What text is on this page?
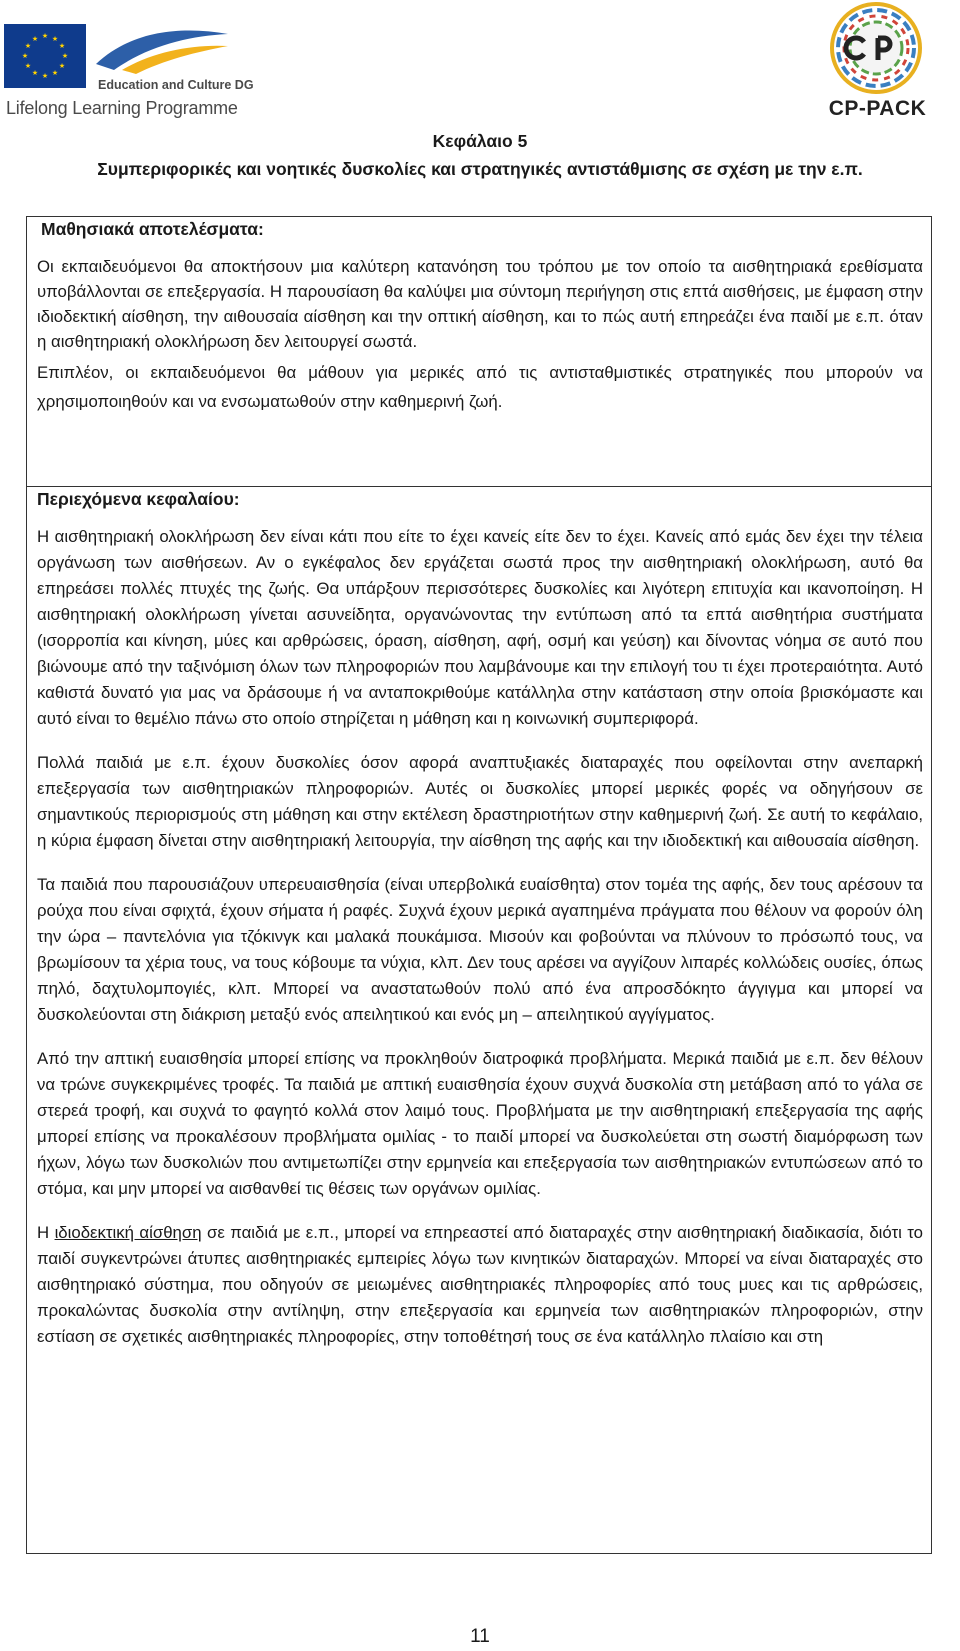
★ ★
★
★
★
★
★
★
★
★
★
★
Education and Culture DG
Lifelong Learning Programme	CP-PACK
Κεφάλαιο 5
Συμπεριφορικές και νοητικές δυσκολίες και στρατηγικές αντιστάθμισης σε σχέση με την ε.π.
Μαθησιακά αποτελέσματα:

Οι εκπαιδευόμενοι θα αποκτήσουν μια καλύτερη κατανόηση του τρόπου με τον οποίο τα αισθητηριακά ερεθίσματα υποβάλλονται σε επεξεργασία. Η παρουσίαση θα καλύψει μια σύντομη περιήγηση στις επτά αισθήσεις, με έμφαση στην ιδιοδεκτική αίσθηση, την αιθουσαία αίσθηση και την οπτική αίσθηση, και το πώς αυτή επηρεάζει ένα παιδί με ε.π. όταν η αισθητηριακή ολοκλήρωση δεν λειτουργεί σωστά.

Επιπλέον, οι εκπαιδευόμενοι θα μάθουν για μερικές από τις αντισταθμιστικές στρατηγικές που μπορούν να χρησιμοποιηθούν και να ενσωματωθούν στην καθημερινή ζωή.

Περιεχόμενα κεφαλαίου:

Η αισθητηριακή ολοκλήρωση δεν είναι κάτι που είτε το έχει κανείς είτε δεν το έχει. Κανείς από εμάς δεν έχει την τέλεια οργάνωση των αισθήσεων. Αν ο εγκέφαλος δεν εργάζεται σωστά προς την αισθητηριακή ολοκλήρωση, αυτό θα επηρεάσει πολλές πτυχές της ζωής. Θα υπάρξουν περισσότερες δυσκολίες και λιγότερη επιτυχία και ικανοποίηση. Η αισθητηριακή ολοκλήρωση γίνεται ασυνείδητα, οργανώνοντας την εντύπωση από τα επτά αισθητήρια συστήματα (ισορροπία και κίνηση, μύες και αρθρώσεις, όραση, αίσθηση, αφή, οσμή και γεύση) και δίνοντας νόημα σε αυτό που βιώνουμε από την ταξινόμιση όλων των πληροφοριών που λαμβάνουμε και την επιλογή του τι έχει προτεραιότητα. Αυτό καθιστά δυνατό για μας να δράσουμε ή να ανταποκριθούμε κατάλληλα στην κατάσταση στην οποία βρισκόμαστε και αυτό είναι το θεμέλιο πάνω στο οποίο στηρίζεται η μάθηση και η κοινωνική συμπεριφορά.

Πολλά παιδιά με ε.π. έχουν δυσκολίες όσον αφορά αναπτυξιακές διαταραχές που οφείλονται στην ανεπαρκή επεξεργασία των αισθητηριακών πληροφοριών. Αυτές οι δυσκολίες μπορεί μερικές φορές να οδηγήσουν σε σημαντικούς περιορισμούς στη μάθηση και στην εκτέλεση δραστηριοτήτων στην καθημερινή ζωή. Σε αυτή το κεφάλαιο, η κύρια έμφαση δίνεται στην αισθητηριακή λειτουργία, την αίσθηση της αφής και την ιδιοδεκτική και αιθουσαία αίσθηση.

Τα παιδιά που παρουσιάζουν υπερευαισθησία (είναι υπερβολικά ευαίσθητα) στον τομέα της αφής, δεν τους αρέσουν τα ρούχα που είναι σφιχτά, έχουν σήματα ή ραφές. Συχνά έχουν μερικά αγαπημένα πράγματα που θέλουν να φορούν όλη την ώρα – παντελόνια για τζόκινγκ και μαλακά πουκάμισα. Μισούν και φοβούνται να πλύνουν το πρόσωπό τους, να βρωμίσουν τα χέρια τους, να τους κόβουμε τα νύχια, κλπ. Δεν τους αρέσει να αγγίζουν λιπαρές κολλώδεις ουσίες, όπως πηλό, δαχτυλομπογιές, κλπ. Μπορεί να αναστατωθούν πολύ από ένα απροσδόκητο άγγιγμα και μπορεί να δυσκολεύονται στη διάκριση μεταξύ ενός απειλητικού και ενός μη – απειλητικού αγγίγματος.

Από την απτική ευαισθησία μπορεί επίσης να προκληθούν διατροφικά προβλήματα. Μερικά παιδιά με ε.π. δεν θέλουν να τρώνε συγκεκριμένες τροφές. Τα παιδιά με απτική ευαισθησία έχουν συχνά δυσκολία στη μετάβαση από το γάλα σε στερεά τροφή, και συχνά το φαγητό κολλά στον λαιμό τους. Προβλήματα με την αισθητηριακή επεξεργασία της αφής μπορεί επίσης να προκαλέσουν προβλήματα ομιλίας - το παιδί μπορεί να δυσκολεύεται στη σωστή διαμόρφωση των ήχων, λόγω των δυσκολιών που αντιμετωπίζει στην ερμηνεία και επεξεργασία των αισθητηριακών εντυπώσεων από το στόμα, και μην μπορεί να αισθανθεί τις θέσεις των οργάνων ομιλίας.

Η ιδιοδεκτική αίσθηση σε παιδιά με ε.π., μπορεί να επηρεαστεί από διαταραχές στην αισθητηριακή διαδικασία, διότι το παιδί συγκεντρώνει άτυπες αισθητηριακές εμπειρίες λόγω των κινητικών διαταραχών. Μπορεί να είναι διαταραχές στο αισθητηριακό σύστημα, που οδηγούν σε μειωμένες αισθητηριακές πληροφορίες από τους μυες και τις αρθρώσεις, προκαλώντας δυσκολία στην αντίληψη, στην επεξεργασία και ερμηνεία των αισθητηριακών πληροφοριών, στην εστίαση σε σχετικές αισθητηριακές πληροφορίες, στην τοποθέτησή τους σε ένα κατάλληλο πλαίσιο και στη

11
